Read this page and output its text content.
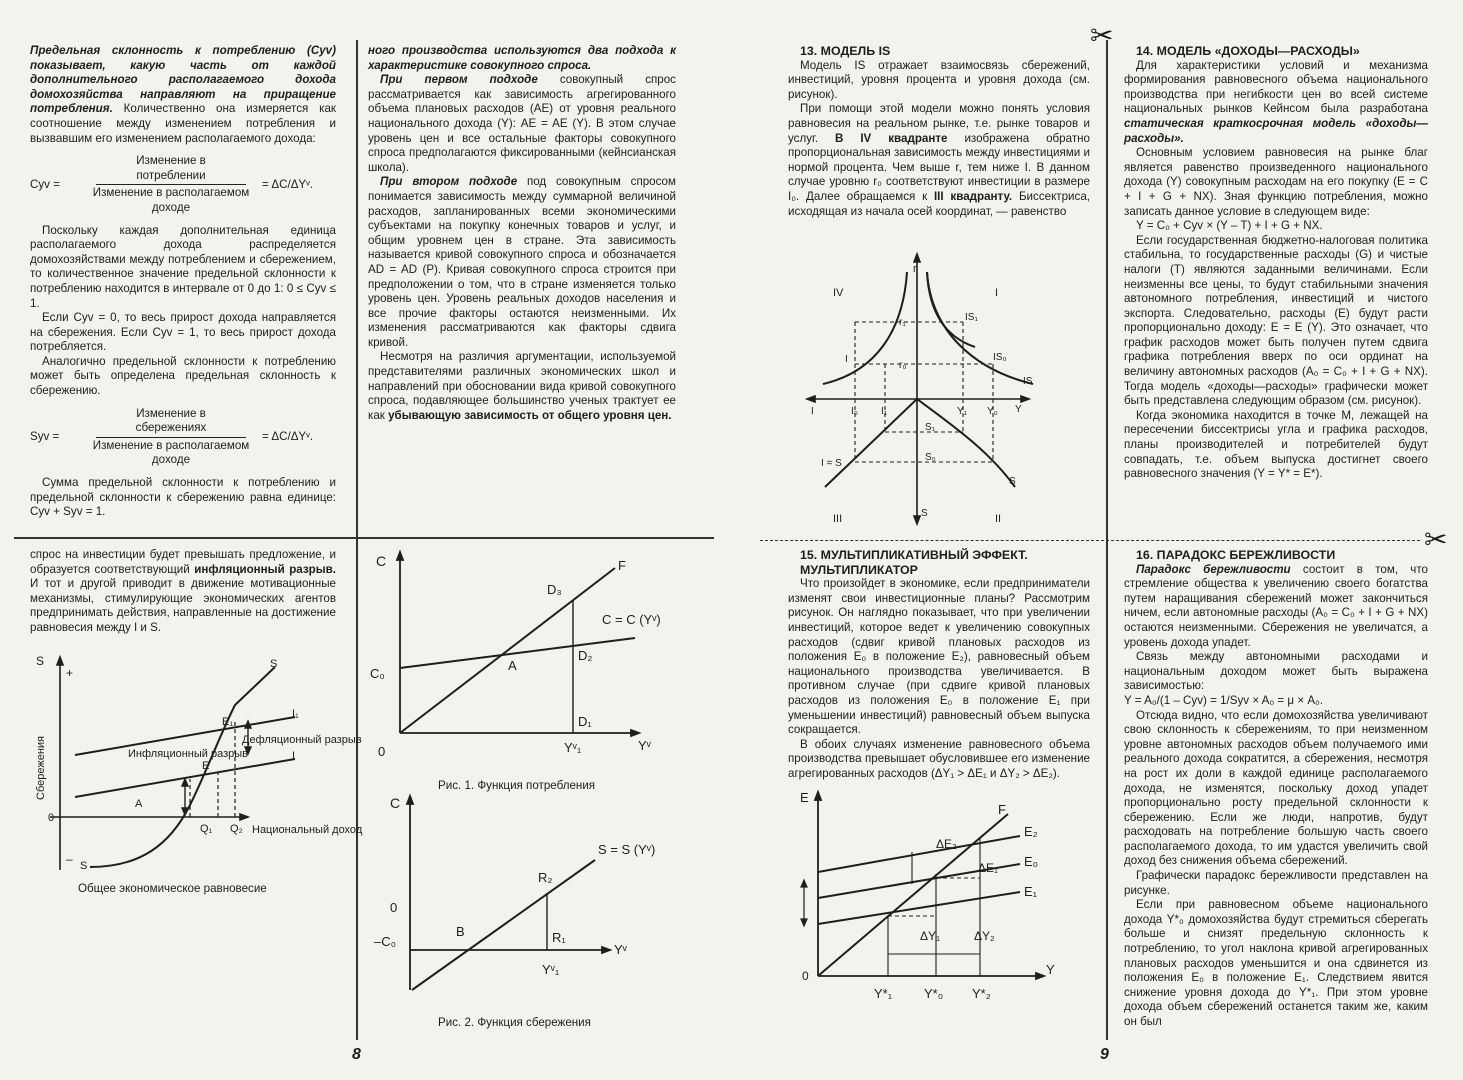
✂
✂

Предельная склонность к потреблению (Cyv) показывает, какую часть от каждой дополнительного располагаемого дохода домохозяйства направляют на приращение потребления. Количественно она измеряется как соотношение между изменением потребления и вызвавшим его изменением располагаемого дохода:

Cyv =	$\frac{\text{Изменение в потреблении}}{\text{Изменение в располагаемом доходе}}$ = ΔC/ΔYᵛ.

Поскольку каждая дополнительная единица располагаемого дохода распределяется домохозяйствами между потреблением и сбережением, то количественное значение предельной склонности к потреблению находится в интервале от 0 до 1: 0 ≤ Cyv ≤ 1.

Если Cyv = 0, то весь прирост дохода направляется на сбережения. Если Cyv = 1, то весь прирост дохода потребляется.

Аналогично предельной склонности к потреблению может быть определена предельная склонность к сбережению.

Syv =	$\frac{\text{Изменение в сбережениях}}{\text{Изменение в располагаемом доходе}}$ = ΔC/ΔYᵛ.

Сумма предельной склонности к потреблению и предельной склонности к сбережению равна единице: Cyv + Syv = 1.

ного производства используются два подхода к характеристике совокупного спроса.

При первом подходе совокупный спрос рассматривается как зависимость агрегированного объема плановых расходов (AE) от уровня реального национального дохода (Y): AE = AE (Y). В этом случае уровень цен и все остальные факторы совокупного спроса предполагаются фиксированными (кейнсианская школа).

При втором подходе под совокупным спросом понимается зависимость между суммарной величиной расходов, запланированных всеми экономическими субъектами на покупку конечных товаров и услуг, и общим уровнем цен в стране. Эта зависимость называется кривой совокупного спроса и обозначается AD = AD (P). Кривая совокупного спроса строится при предположении о том, что в стране изменяется только уровень цен. Уровень реальных доходов населения и все прочие факторы остаются неизменными. Их изменения рассматриваются как факторы сдвига кривой.

Несмотря на различия аргументации, используемой представителями различных экономических школ и направлений при обосновании вида кривой совокупного спроса, подавляющее большинство ученых трактует ее как убывающую зависимость от общего уровня цен.

спрос на инвестиции будет превышать предложение, и образуется соответствующий инфляционный разрыв. И тот и другой приводит в движение мотивационные механизмы, стимулирующие экономических агентов предпринимать действия, направленные на достижение равновесия между I и S.

S
+
–
0
Сбережения
S
S
I₁
I
E₁
E
A
Инфляционный разрыв
Дефляционный разрыв
Q₁ Q₂ Национальный доход
Общее экономическое равновесие
C	F
D₃
C = C (Yᵛ)
C₀
A
D₂
D₁
0	Yᵛ₁	Yᵛ
Рис. 1. Функция потребления
C
S = S (Yᵛ)
R₂
0
–C₀
B	R₁
Yᵛ
Yᵛ₁
Рис. 2. Функция сбережения
8

13. МОДЕЛЬ IS

Модель IS отражает взаимосвязь сбережений, инвестиций, уровня процента и уровня дохода (см. рисунок).

При помощи этой модели можно понять условия равновесия на реальном рынке, т.е. рынке товаров и услуг. В IV квадранте изображена обратно пропорциональная зависимость между инвестициями и нормой процента. Чем выше r, тем ниже I. В данном случае уровню r₀ соответствуют инвестиции в размере I₀. Далее обращаемся к III квадранту. Биссектриса, исходящая из начала осей координат, — равенство

r
IV	I
III	II
r₁
r₀
IS₁
IS₀
IS
I
I	I₀ I₁	Y₁ Y₀ Y
S₁
S₀
I = S
S
S

14. МОДЕЛЬ «ДОХОДЫ—РАСХОДЫ»

Для характеристики условий и механизма формирования равновесного объема национального производства при негибкости цен во всей системе национальных рынков Кейнсом была разработана статическая краткосрочная модель «доходы—расходы».

Основным условием равновесия на рынке благ является равенство произведенного национального дохода (Y) совокупным расходам на его покупку (E = C + I + G + NX). Зная функцию потребления, можно записать данное условие в следующем виде:

Y = C₀ + Cyv × (Y – T) + I + G + NX.

Если государственная бюджетно-налоговая политика стабильна, то государственные расходы (G) и чистые налоги (T) являются заданными величинами. Если неизменны все цены, то будут стабильными значения автономного потребления, инвестиций и чистого экспорта. Следовательно, расходы (E) будут расти пропорционально доходу: E = E (Y). Это означает, что график расходов может быть получен путем сдвига графика потребления вверх по оси ординат на величину автономных расходов (A₀ = C₀ + I + G + NX). Тогда модель «доходы—расходы» графически может быть представлена следующим образом (см. рисунок).

Когда экономика находится в точке M, лежащей на пересечении биссектрисы угла и графика расходов, планы производителей и потребителей будут совпадать, т.е. объем выпуска достигнет своего равновесного значения (Y = Y* = E*).

15. МУЛЬТИПЛИКАТИВНЫЙ ЭФФЕКТ.

МУЛЬТИПЛИКАТОР

Что произойдет в экономике, если предприниматели изменят свои инвестиционные планы? Рассмотрим рисунок. Он наглядно показывает, что при увеличении инвестиций, которое ведет к увеличению совокупных расходов (сдвиг кривой плановых расходов из положения E₀ в положение E₂), равновесный объем национального производства увеличивается. В противном случае (при сдвиге кривой плановых расходов из положения E₀ в положение E₁ при уменьшении инвестиций) равновесный объем выпуска сокращается.

В обоих случаях изменение равновесного объема производства превышает обусловившее его изменение агрегированных расходов (ΔY₁ > ΔE₁ и ΔY₂ > ΔE₂).

E
F
E₂
ΔE₂
E₀
ΔE₁
E₁
ΔY₁	ΔY₂
0	Y
Y*₁ Y*₀ Y*₂

16. ПАРАДОКС БЕРЕЖЛИВОСТИ

Парадокс бережливости состоит в том, что стремление общества к увеличению своего богатства путем наращивания сбережений может закончиться ничем, если автономные расходы (A₀ = C₀ + I + G + NX) остаются неизменными. Сбережения не увеличатся, а уровень дохода упадет.

Связь между автономными расходами и национальным доходом может быть выражена зависимостью:

Y = A₀/(1 – Cyv) = 1/Syv × A₀ = μ × A₀.

Отсюда видно, что если домохозяйства увеличивают свою склонность к сбережениям, то при неизменном уровне автономных расходов объем получаемого ими реального дохода сократится, а сбережения, несмотря на рост их доли в каждой единице располагаемого дохода, не изменятся, поскольку доход упадет пропорционально росту предельной склонности к сбережению. Если же люди, напротив, будут расходовать на потребление большую часть своего располагаемого дохода, то им удастся увеличить свой доход без снижения объема сбережений.

Графически парадокс бережливости представлен на рисунке.

Если при равновесном объеме национального дохода Y*₀ домохозяйства будут стремиться сберегать больше и снизят предельную склонность к потреблению, то угол наклона кривой агрегированных плановых расходов уменьшится и она сдвинется из положения E₀ в положение E₁. Следствием явится снижение уровня дохода до Y*₁. При этом уровне дохода объем сбережений останется таким же, каким он был

9
